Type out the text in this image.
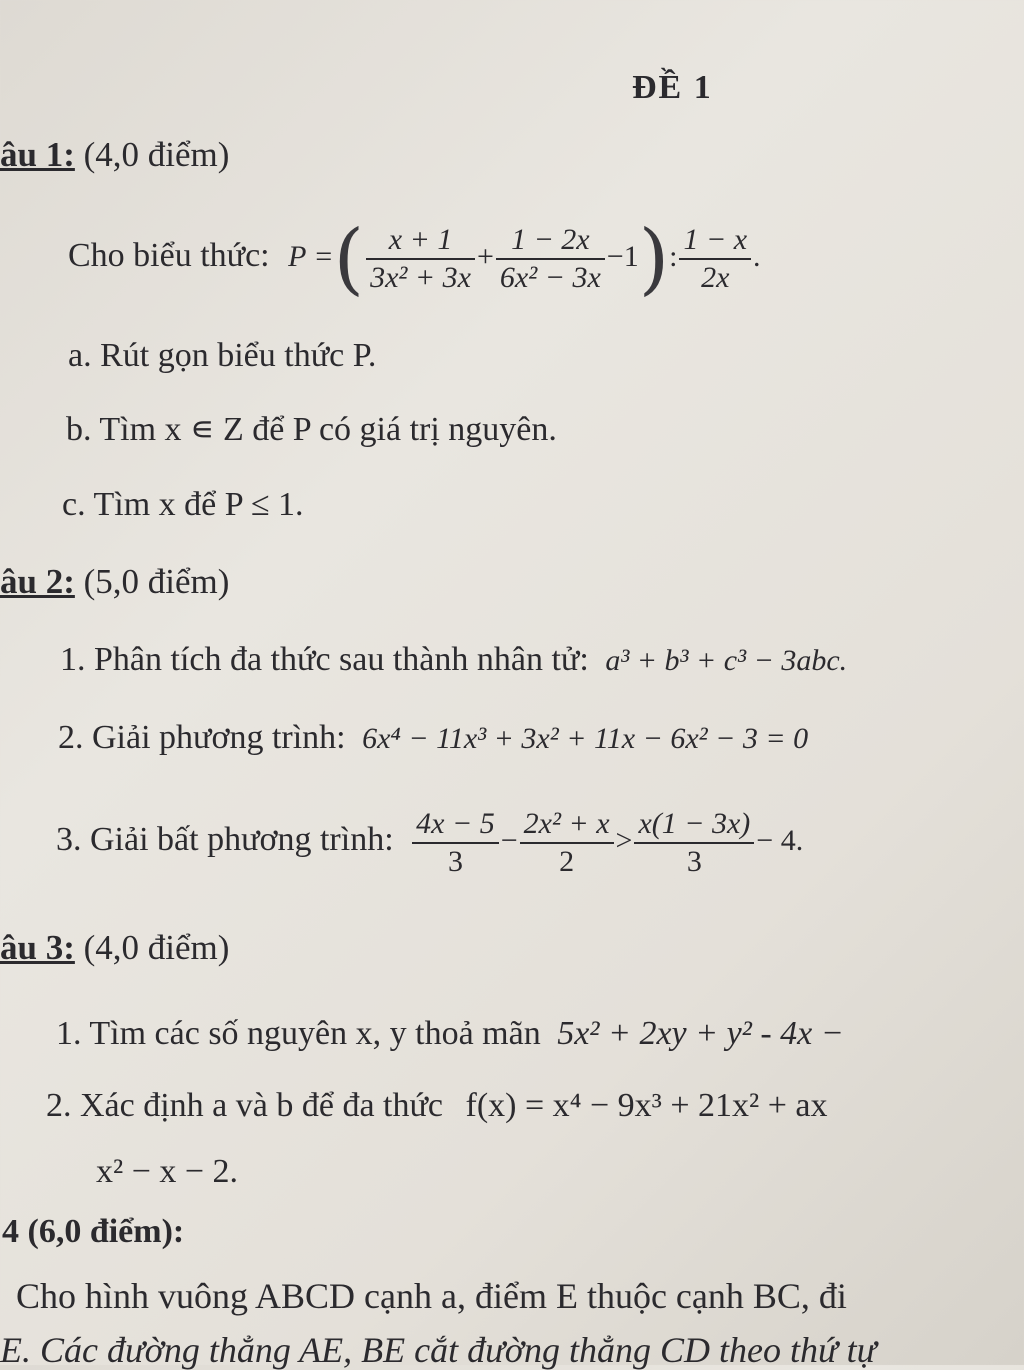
ĐỀ 1
âu 1: (4,0 điểm)
Cho biểu thức: P =( $\frac{x + 1}{\text{3x² + 3x}} + \frac{1 - 2x}{\text{6x² − 3x}} -1$): $\frac{1 - x}{2x}$ .
a. Rút gọn biểu thức P.
b. Tìm x ∊ Z để P có giá trị nguyên.
c. Tìm x để P ≤ 1.
âu 2: (5,0 điểm)
1. Phân tích đa thức sau thành nhân tử: a³ + b³ + c³ − 3abc.
2. Giải phương trình: 6x⁴ − 11x³ + 3x² + 11x − 6x² − 3 = 0
3. Giải bất phương trình: $\frac{4x - 5}{3} - \frac{\text{2x² + x}}{2} > \frac{x(1 - 3x)}{3} - 4$.
âu 3: (4,0 điểm)
1. Tìm các số nguyên x, y thoả mãn 5x² + 2xy + y² - 4x −
2. Xác định a và b để đa thức f(x) = x⁴ − 9x³ + 21x² + ax
x² − x − 2.
4 (6,0 điểm):
Cho hình vuông ABCD cạnh a, điểm E thuộc cạnh BC, đi
E. Các đường thẳng AE, BE cắt đường thẳng CD theo thứ tự
